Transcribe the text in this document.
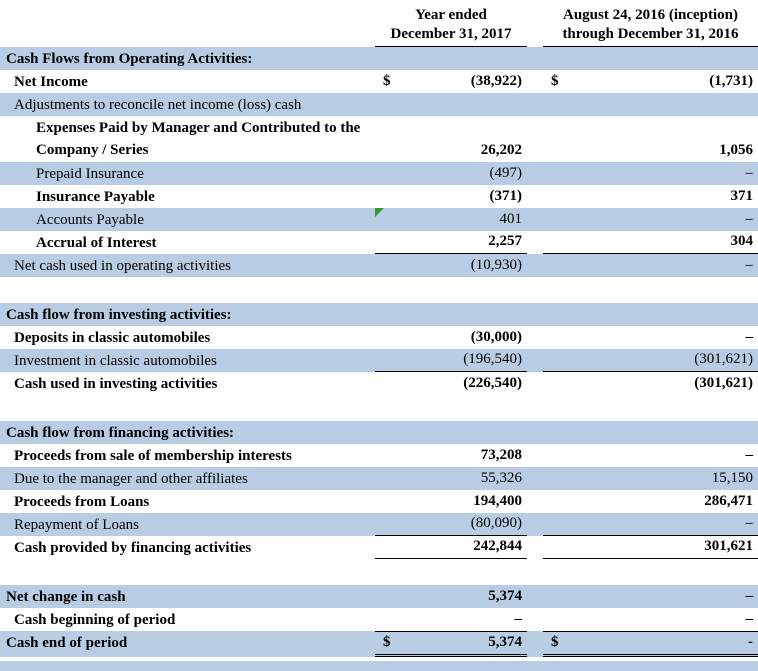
Year ended
December 31, 2017
August 24, 2016 (inception)
through December 31, 2016
Cash Flows from Operating Activities:
Net Income	$	(38,922) $	(1,731)
Adjustments to reconcile net income (loss) cash
Expenses Paid by Manager and Contributed to the Company / Series	26,202	1,056
Prepaid Insurance	(497)	–
Insurance Payable	(371)	371
Accounts Payable	401	–
Accrual of Interest	2,257	304
Net cash used in operating activities	(10,930)	–
Cash flow from investing activities:
Deposits in classic automobiles	(30,000)	–
Investment in classic automobiles	(196,540)	(301,621)
Cash used in investing activities	(226,540)	(301,621)
Cash flow from financing activities:
Proceeds from sale of membership interests	73,208	–
Due to the manager and other affiliates	55,326	15,150
Proceeds from Loans	194,400	286,471
Repayment of Loans	(80,090)	–
Cash provided by financing activities	242,844	301,621
Net change in cash	5,374	–
Cash beginning of period	–	–
Cash end of period	$	5,374 $	-
